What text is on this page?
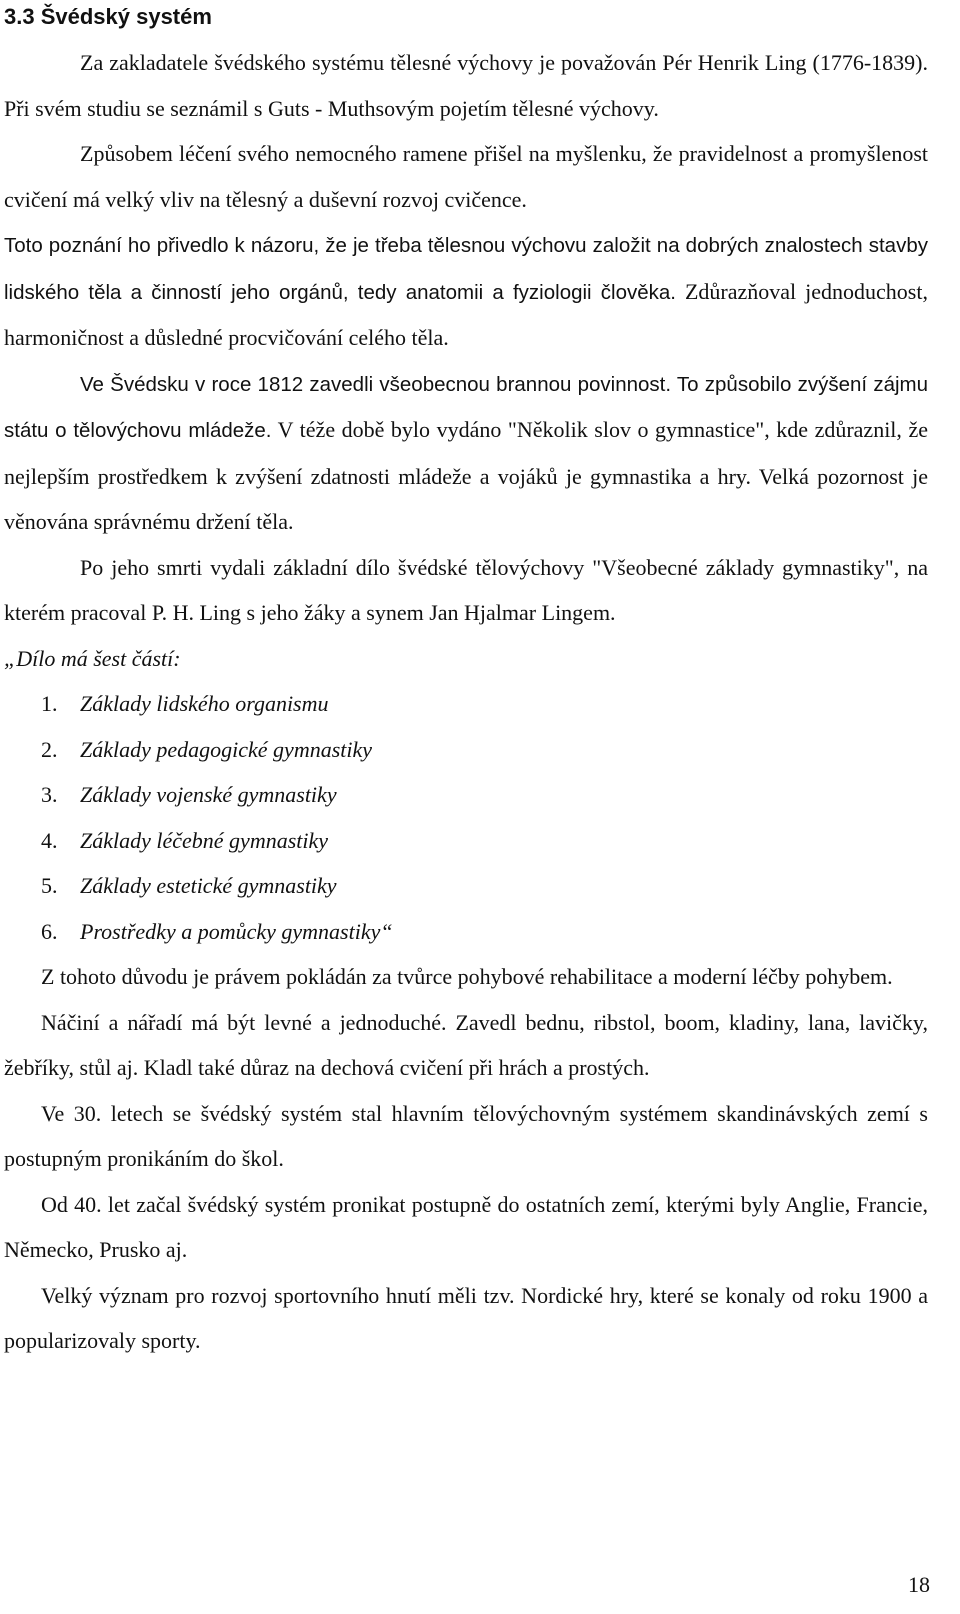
3.3 Švédský systém

Za zakladatele švédského systému tělesné výchovy je považován Pér Henrik Ling (1776-1839). Při svém studiu se seznámil s Guts - Muthsovým pojetím tělesné výchovy.

Způsobem léčení svého nemocného ramene přišel na myšlenku, že pravidelnost a promyšlenost cvičení má velký vliv na tělesný a duševní rozvoj cvičence.

Toto poznání ho přivedlo k názoru, že je třeba tělesnou výchovu založit na dobrých znalostech stavby lidského těla a činností jeho orgánů, tedy anatomii a fyziologii člověka. Zdůrazňoval jednoduchost, harmoničnost a důsledné procvičování celého těla.

Ve Švédsku v roce 1812 zavedli všeobecnou brannou povinnost. To způsobilo zvýšení zájmu státu o tělovýchovu mládeže. V téže době bylo vydáno "Několik slov o gymnastice", kde zdůraznil, že nejlepším prostředkem k zvýšení zdatnosti mládeže a vojáků je gymnastika a hry. Velká pozornost je věnována správnému držení těla.

Po jeho smrti vydali základní dílo švédské tělovýchovy "Všeobecné základy gymnastiky", na kterém pracoval P. H. Ling s jeho žáky a synem Jan Hjalmar Lingem.

„Dílo má šest částí:

1. Základy lidského organismu
2. Základy pedagogické gymnastiky
3. Základy vojenské gymnastiky
4. Základy léčebné gymnastiky
5. Základy estetické gymnastiky
6. Prostředky a pomůcky gymnastiky“

Z tohoto důvodu je právem pokládán za tvůrce pohybové rehabilitace a moderní léčby pohybem.

Náčiní a nářadí má být levné a jednoduché. Zavedl bednu, ribstol, boom, kladiny, lana, lavičky, žebříky, stůl aj. Kladl také důraz na dechová cvičení při hrách a prostých.

Ve 30. letech se švédský systém stal hlavním tělovýchovným systémem skandinávských zemí s postupným pronikáním do škol.

Od 40. let začal švédský systém pronikat postupně do ostatních zemí, kterými byly Anglie, Francie, Německo, Prusko aj.

Velký význam pro rozvoj sportovního hnutí měli tzv. Nordické hry, které se konaly od roku 1900 a popularizovaly sporty.

18
